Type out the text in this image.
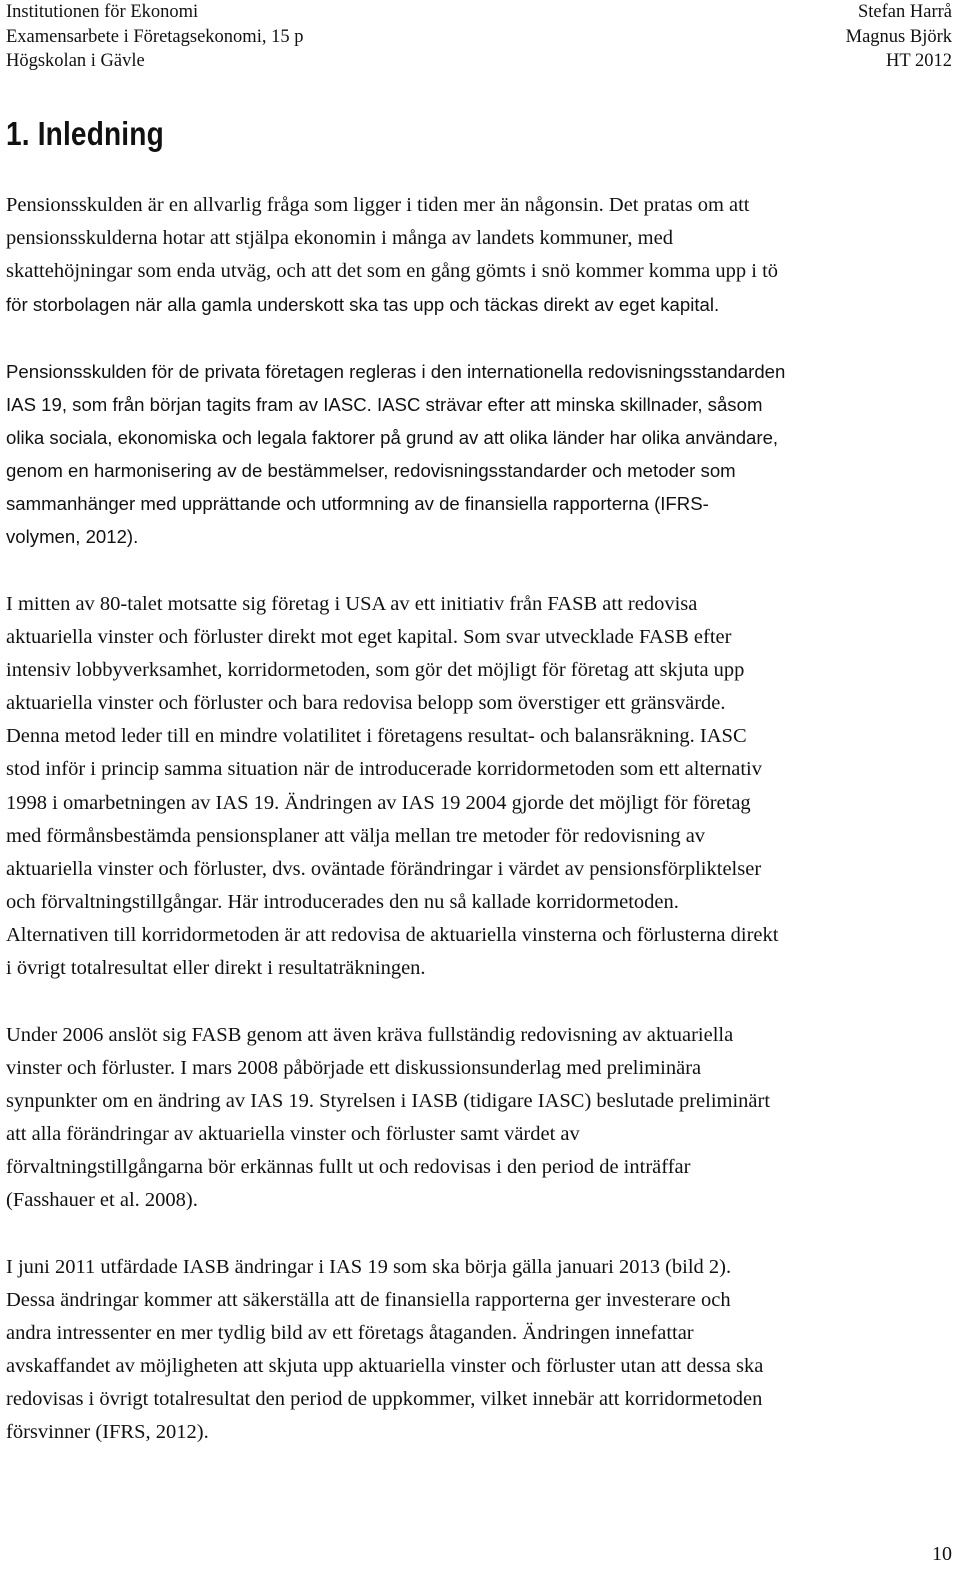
Institutionen för Ekonomi	Stefan Harrå
Examensarbete i Företagsekonomi, 15 p	Magnus Björk
Högskolan i Gävle	HT 2012
1. Inledning

Pensionsskulden är en allvarlig fråga som ligger i tiden mer än någonsin. Det pratas om att
pensionsskulderna hotar att stjälpa ekonomin i många av landets kommuner, med
skattehöjningar som enda utväg, och att det som en gång gömts i snö kommer komma upp i tö
för storbolagen när alla gamla underskott ska tas upp och täckas direkt av eget kapital.

Pensionsskulden för de privata företagen regleras i den internationella redovisningsstandarden
IAS 19, som från början tagits fram av IASC. IASC strävar efter att minska skillnader, såsom
olika sociala, ekonomiska och legala faktorer på grund av att olika länder har olika användare,
genom en harmonisering av de bestämmelser, redovisningsstandarder och metoder som
sammanhänger med upprättande och utformning av de finansiella rapporterna (IFRS-
volymen, 2012).

I mitten av 80-talet motsatte sig företag i USA av ett initiativ från FASB att redovisa
aktuariella vinster och förluster direkt mot eget kapital. Som svar utvecklade FASB efter
intensiv lobbyverksamhet, korridormetoden, som gör det möjligt för företag att skjuta upp
aktuariella vinster och förluster och bara redovisa belopp som överstiger ett gränsvärde.
Denna metod leder till en mindre volatilitet i företagens resultat- och balansräkning. IASC
stod inför i princip samma situation när de introducerade korridormetoden som ett alternativ
1998 i omarbetningen av IAS 19. Ändringen av IAS 19 2004 gjorde det möjligt för företag
med förmånsbestämda pensionsplaner att välja mellan tre metoder för redovisning av
aktuariella vinster och förluster, dvs. oväntade förändringar i värdet av pensionsförpliktelser
och förvaltningstillgångar. Här introducerades den nu så kallade korridormetoden.
Alternativen till korridormetoden är att redovisa de aktuariella vinsterna och förlusterna direkt
i övrigt totalresultat eller direkt i resultaträkningen.

Under 2006 anslöt sig FASB genom att även kräva fullständig redovisning av aktuariella
vinster och förluster. I mars 2008 påbörjade ett diskussionsunderlag med preliminära
synpunkter om en ändring av IAS 19. Styrelsen i IASB (tidigare IASC) beslutade preliminärt
att alla förändringar av aktuariella vinster och förluster samt värdet av
förvaltningstillgångarna bör erkännas fullt ut och redovisas i den period de inträffar
(Fasshauer et al. 2008).

I juni 2011 utfärdade IASB ändringar i IAS 19 som ska börja gälla januari 2013 (bild 2).
Dessa ändringar kommer att säkerställa att de finansiella rapporterna ger investerare och
andra intressenter en mer tydlig bild av ett företags åtaganden. Ändringen innefattar
avskaffandet av möjligheten att skjuta upp aktuariella vinster och förluster utan att dessa ska
redovisas i övrigt totalresultat den period de uppkommer, vilket innebär att korridormetoden
försvinner (IFRS, 2012).

10
